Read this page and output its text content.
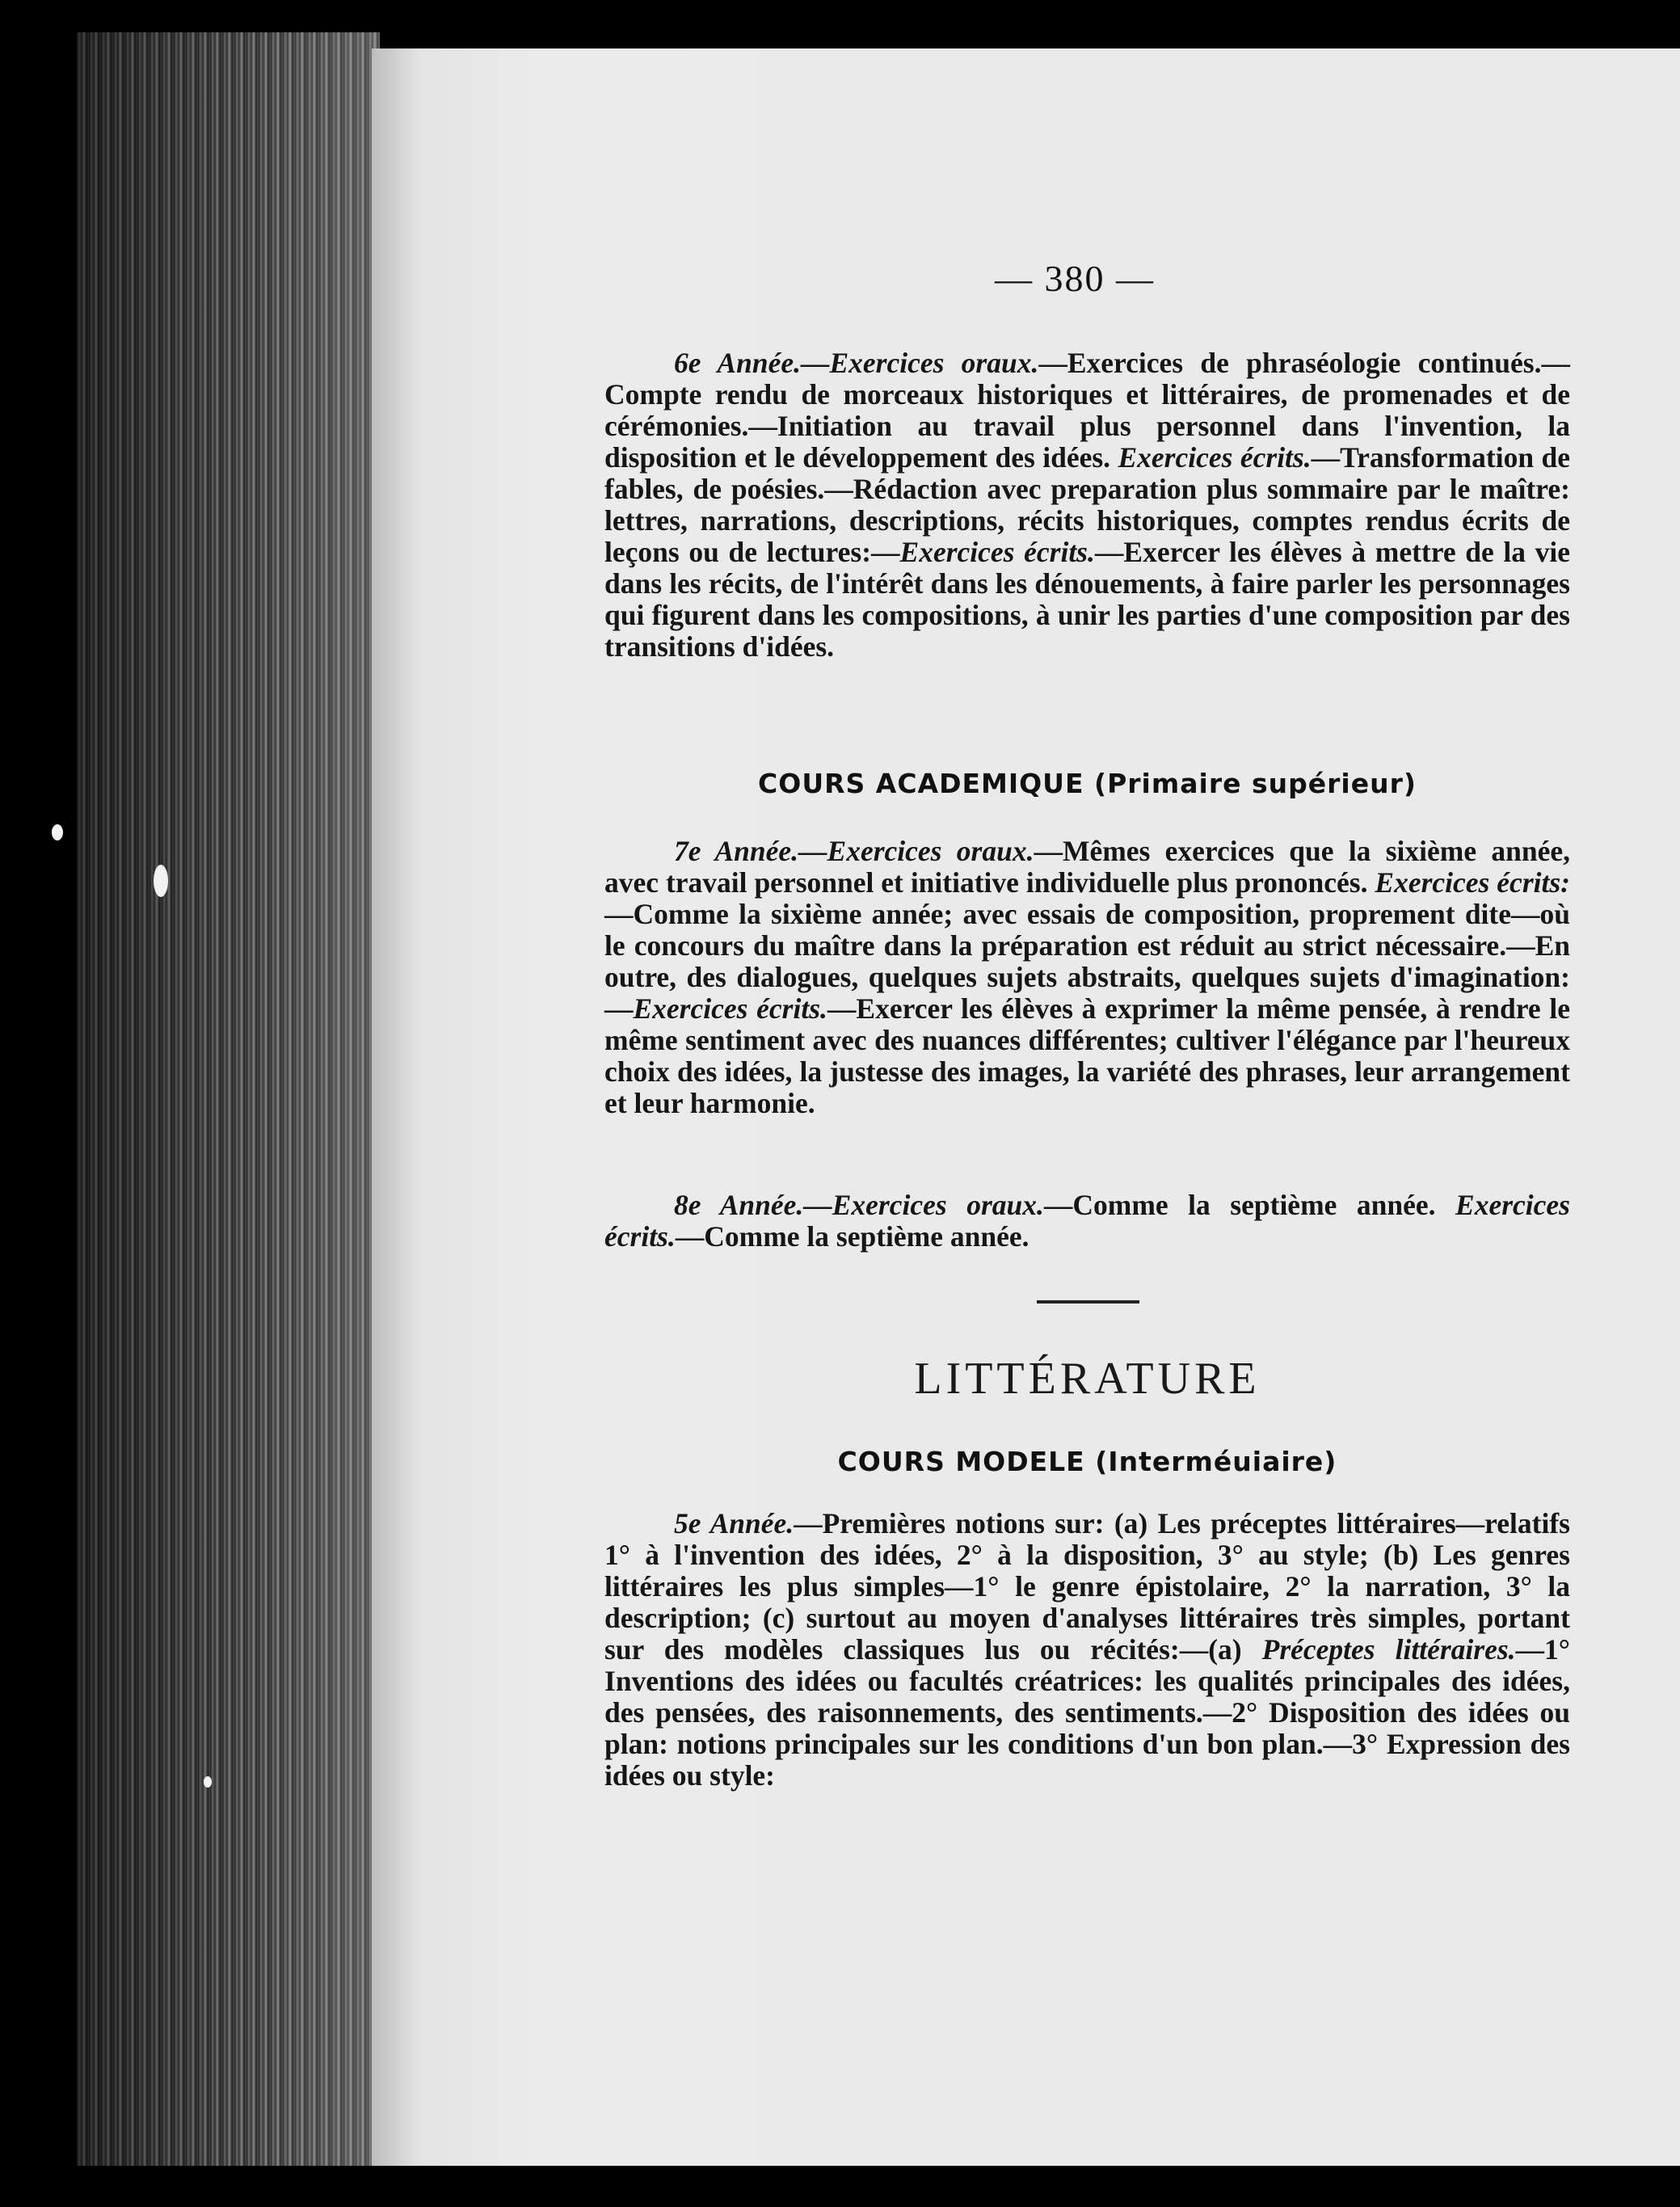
— 380 —
6e Année.—Exercices oraux.—Exercices de phraséologie continués.—Compte rendu de morceaux historiques et littéraires, de promenades et de cérémonies.—Initiation au travail plus personnel dans l'invention, la disposition et le développement des idées. Exercices écrits.—Transformation de fables, de poésies.—Rédaction avec preparation plus sommaire par le maître: lettres, narrations, descriptions, récits historiques, comptes rendus écrits de leçons ou de lectures:—Exercices écrits.—Exercer les élèves à mettre de la vie dans les récits, de l'intérêt dans les dénouements, à faire parler les personnages qui figurent dans les compositions, à unir les parties d'une composition par des transitions d'idées.
COURS ACADEMIQUE (Primaire supérieur)
7e Année.—Exercices oraux.—Mêmes exercices que la sixième année, avec travail personnel et initiative individuelle plus prononcés. Exercices écrits:—Comme la sixième année; avec essais de composition, proprement dite—où le concours du maître dans la préparation est réduit au strict nécessaire.—En outre, des dialogues, quelques sujets abstraits, quelques sujets d'imagination:—Exercices écrits.—Exercer les élèves à exprimer la même pensée, à rendre le même sentiment avec des nuances différentes; cultiver l'élégance par l'heureux choix des idées, la justesse des images, la variété des phrases, leur arrangement et leur harmonie.
8e Année.—Exercices oraux.—Comme la septième année. Exercices écrits.—Comme la septième année.
LITTÉRATURE
COURS MODELE (Interméuiaire)
5e Année.—Premières notions sur: (a) Les préceptes littéraires—relatifs 1° à l'invention des idées, 2° à la disposition, 3° au style; (b) Les genres littéraires les plus simples—1° le genre épistolaire, 2° la narration, 3° la description; (c) surtout au moyen d'analyses littéraires très simples, portant sur des modèles classiques lus ou récités:—(a) Préceptes littéraires.—1° Inventions des idées ou facultés créatrices: les qualités principales des idées, des pensées, des raisonnements, des sentiments.—2° Disposition des idées ou plan: notions principales sur les conditions d'un bon plan.—3° Expression des idées ou style:
